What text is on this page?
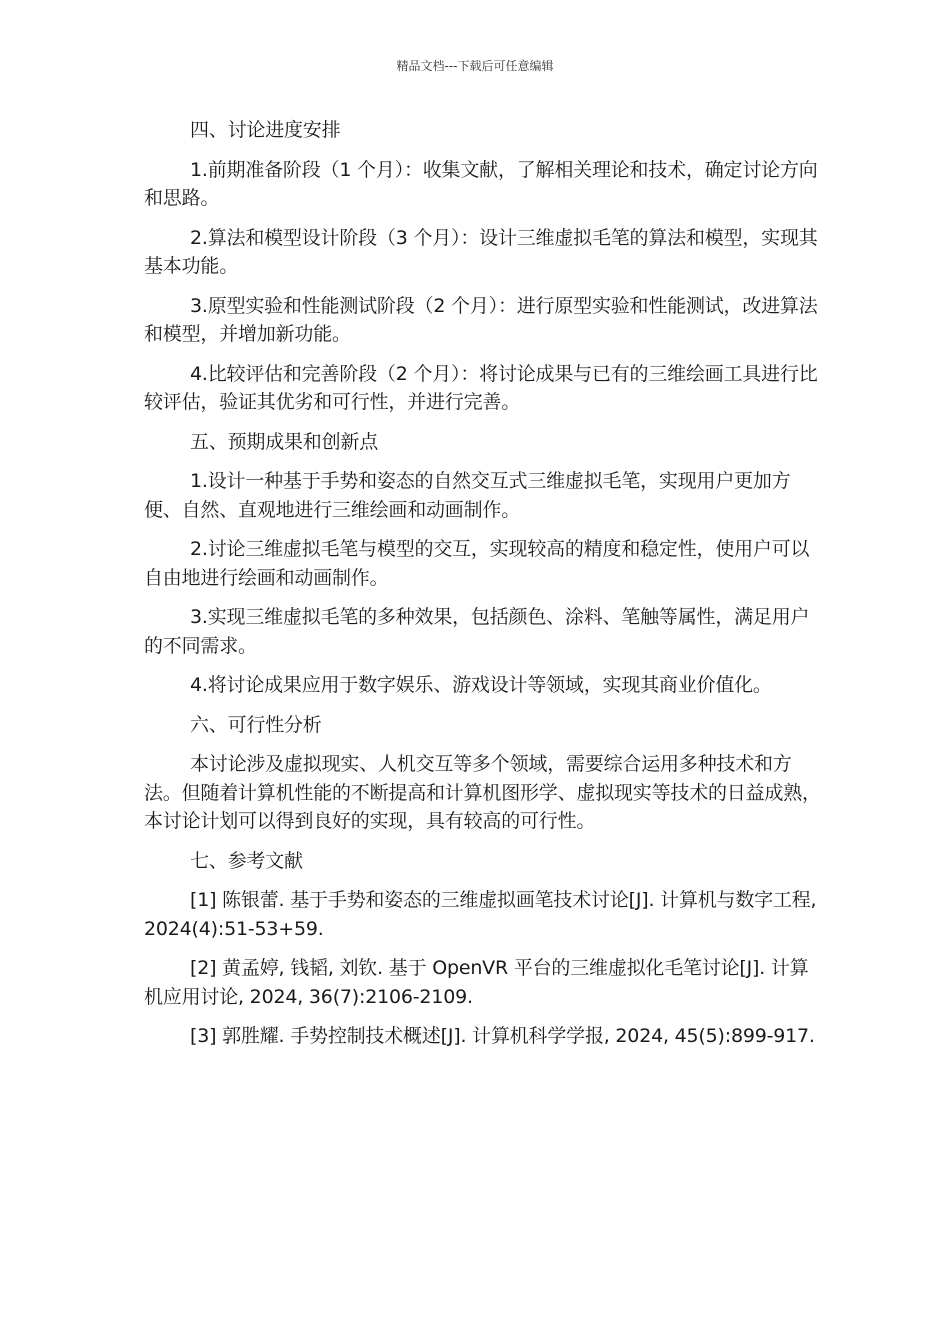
精品文档---下载后可任意编辑

四、讨论进度安排

1.前期准备阶段（1 个月）：收集文献，了解相关理论和技术，确定讨论方向和思路。

2.算法和模型设计阶段（3 个月）：设计三维虚拟毛笔的算法和模型，实现其基本功能。

3.原型实验和性能测试阶段（2 个月）：进行原型实验和性能测试，改进算法和模型，并增加新功能。

4.比较评估和完善阶段（2 个月）：将讨论成果与已有的三维绘画工具进行比较评估，验证其优劣和可行性，并进行完善。

五、预期成果和创新点

1.设计一种基于手势和姿态的自然交互式三维虚拟毛笔，实现用户更加方便、自然、直观地进行三维绘画和动画制作。

2.讨论三维虚拟毛笔与模型的交互，实现较高的精度和稳定性，使用户可以自由地进行绘画和动画制作。

3.实现三维虚拟毛笔的多种效果，包括颜色、涂料、笔触等属性，满足用户的不同需求。

4.将讨论成果应用于数字娱乐、游戏设计等领域，实现其商业价值化。

六、可行性分析

本讨论涉及虚拟现实、人机交互等多个领域，需要综合运用多种技术和方法。但随着计算机性能的不断提高和计算机图形学、虚拟现实等技术的日益成熟，本讨论计划可以得到良好的实现，具有较高的可行性。

七、参考文献

[1] 陈银蕾. 基于手势和姿态的三维虚拟画笔技术讨论[J]. 计算机与数字工程, 2024(4):51-53+59.

[2] 黄孟婷, 钱韬, 刘钦. 基于 OpenVR 平台的三维虚拟化毛笔讨论[J]. 计算机应用讨论, 2024, 36(7):2106-2109.

[3] 郭胜耀. 手势控制技术概述[J]. 计算机科学学报, 2024, 45(5):899-917.
